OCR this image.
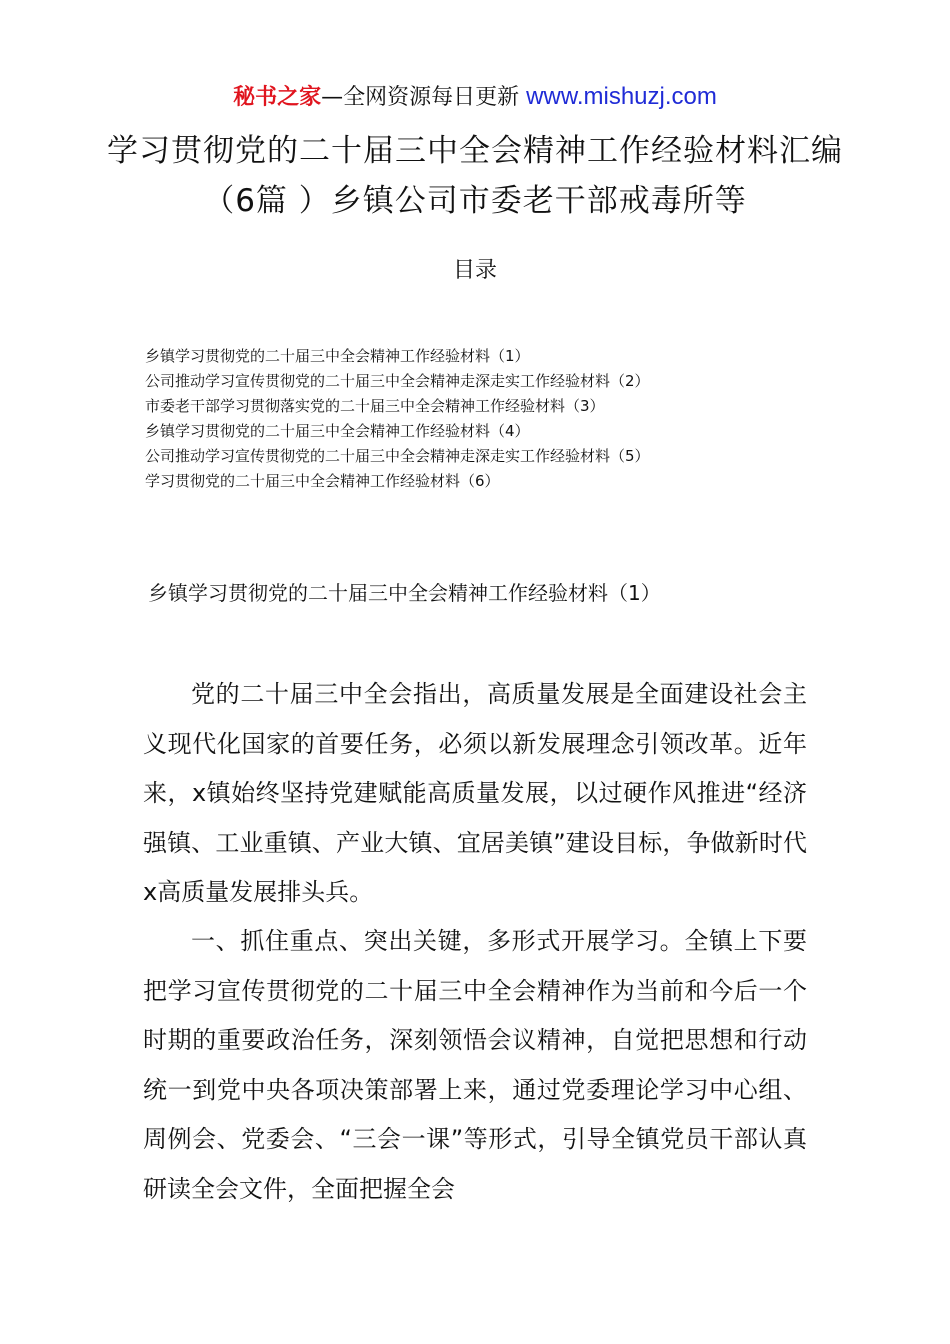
秘书之家—全网资源每日更新 www.mishuzj.com
学习贯彻党的二十届三中全会精神工作经验材料汇编（6篇 ）乡镇公司市委老干部戒毒所等
目录
乡镇学习贯彻党的二十届三中全会精神工作经验材料（1）
公司推动学习宣传贯彻党的二十届三中全会精神走深走实工作经验材料（2）
市委老干部学习贯彻落实党的二十届三中全会精神工作经验材料（3）
乡镇学习贯彻党的二十届三中全会精神工作经验材料（4）
公司推动学习宣传贯彻党的二十届三中全会精神走深走实工作经验材料（5）
学习贯彻党的二十届三中全会精神工作经验材料（6）
乡镇学习贯彻党的二十届三中全会精神工作经验材料（1）

党的二十届三中全会指出，高质量发展是全面建设社会主义现代化国家的首要任务，必须以新发展理念引领改革。近年来，x镇始终坚持党建赋能高质量发展，以过硬作风推进“经济强镇、工业重镇、产业大镇、宜居美镇”建设目标，争做新时代x高质量发展排头兵。

一、抓住重点、突出关键，多形式开展学习。全镇上下要把学习宣传贯彻党的二十届三中全会精神作为当前和今后一个时期的重要政治任务，深刻领悟会议精神，自觉把思想和行动统一到党中央各项决策部署上来，通过党委理论学习中心组、周例会、党委会、“三会一课”等形式，引导全镇党员干部认真研读全会文件，全面把握全会
